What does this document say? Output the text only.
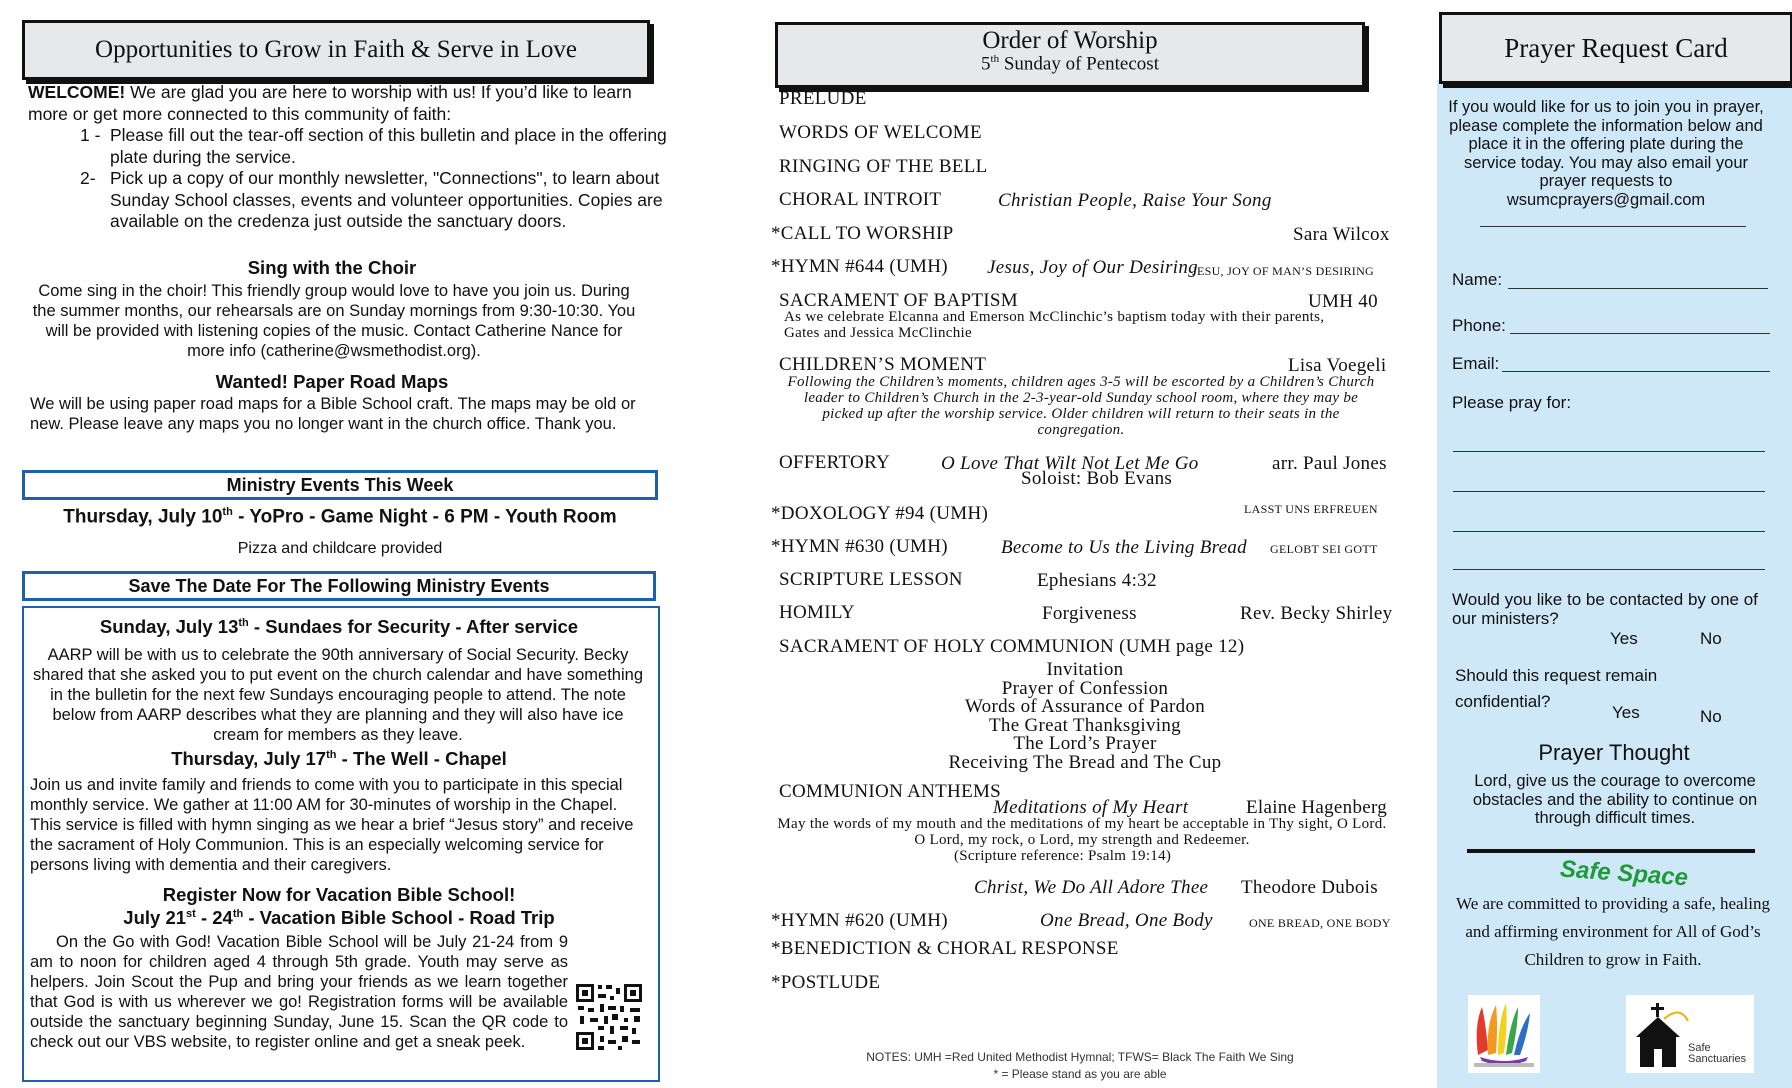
Opportunities to Grow in Faith & Serve in Love

WELCOME! We are glad you are here to worship with us! If you’d like to learn more or get more connected to this community of faith:

1 - Please fill out the tear-off section of this bulletin and place in the offering plate during the service.
2- Pick up a copy of our monthly newsletter, "Connections", to learn about Sunday School classes, events and volunteer opportunities. Copies are available on the credenza just outside the sanctuary doors.
Sing with the Choir
Come sing in the choir! This friendly group would love to have you join us. During the summer months, our rehearsals are on Sunday mornings from 9:30-10:30. You will be provided with listening copies of the music. Contact Catherine Nance for more info (catherine@wsmethodist.org).
Wanted! Paper Road Maps
We will be using paper road maps for a Bible School craft. The maps may be old or new. Please leave any maps you no longer want in the church office. Thank you.
Ministry Events This Week
Thursday, July 10th - YoPro - Game Night - 6 PM - Youth Room
Pizza and childcare provided
Save The Date For The Following Ministry Events
Sunday, July 13th - Sundaes for Security - After service
AARP will be with us to celebrate the 90th anniversary of Social Security. Becky shared that she asked you to put event on the church calendar and have something in the bulletin for the next few Sundays encouraging people to attend. The note below from AARP describes what they are planning and they will also have ice cream for members as they leave.
Thursday, July 17th - The Well - Chapel
Join us and invite family and friends to come with you to participate in this special monthly service. We gather at 11:00 AM for 30-minutes of worship in the Chapel. This service is filled with hymn singing as we hear a brief “Jesus story” and receive the sacrament of Holy Communion. This is an especially welcoming service for persons living with dementia and their caregivers.
Register Now for Vacation Bible School!
July 21st - 24th - Vacation Bible School - Road Trip
On the Go with God! Vacation Bible School will be July 21-24 from 9 am to noon for children aged 4 through 5th grade. Youth may serve as helpers. Join Scout the Pup and bring your friends as we learn together that God is with us wherever we go! Registration forms will be available outside the sanctuary beginning Sunday, June 15. Scan the QR code to check out our VBS website, to register online and get a sneak peek.
Order of Worship
5th Sunday of Pentecost
PRELUDE
WORDS OF WELCOME
RINGING OF THE BELL
CHORAL INTROIT	Christian People, Raise Your Song
*CALL TO WORSHIP	Sara Wilcox
*HYMN #644 (UMH) Jesus, Joy of Our Desiring
JESU, JOY OF MAN’S DESIRING
SACRAMENT OF BAPTISM	UMH 40
As we celebrate Elcanna and Emerson McClinchic’s baptism today with their parents, Gates and Jessica McClinchie
CHILDREN’S MOMENT	Lisa Voegeli
Following the Children’s moments, children ages 3-5 will be escorted by a Children’s Church leader to Children’s Church in the 2-3-year-old Sunday school room, where they may be picked up after the worship service. Older children will return to their seats in the congregation.
OFFERTORY	O Love That Wilt Not Let Me Go	arr. Paul Jones
Soloist: Bob Evans
*DOXOLOGY #94 (UMH)	LASST UNS ERFREUEN
*HYMN #630 (UMH)	Become to Us the Living Bread GELOBT SEI GOTT
SCRIPTURE LESSON	Ephesians 4:32
HOMILY	Forgiveness	Rev. Becky Shirley
SACRAMENT OF HOLY COMMUNION (UMH page 12)
Invitation
Prayer of Confession
Words of Assurance of Pardon
The Great Thanksgiving
The Lord’s Prayer
Receiving The Bread and The Cup
COMMUNION ANTHEMS
Meditations of My Heart	Elaine Hagenberg
May the words of my mouth and the meditations of my heart be acceptable in Thy sight, O Lord. O Lord, my rock, o Lord, my strength and Redeemer.
(Scripture reference: Psalm 19:14)
Christ, We Do All Adore Thee Theodore Dubois
*HYMN #620 (UMH)	One Bread, One Body	ONE BREAD, ONE BODY
*BENEDICTION & CHORAL RESPONSE
*POSTLUDE
NOTES: UMH =Red United Methodist Hymnal; TFWS= Black The Faith We Sing
* = Please stand as you are able
Prayer Request Card
If you would like for us to join you in prayer, please complete the information below and place it in the offering plate during the service today. You may also email your prayer requests to wsumcprayers@gmail.com
Name:
Phone:
Email:
Please pray for:
Would you like to be contacted by one of our ministers?
Yes	No
Should this request remain confidential?
Yes	No
Prayer Thought
Lord, give us the courage to overcome obstacles and the ability to continue on through difficult times.
Safe Space
We are committed to providing a safe, healing and affirming environment for All of God’s Children to grow in Faith.
Safe
Sanctuaries
